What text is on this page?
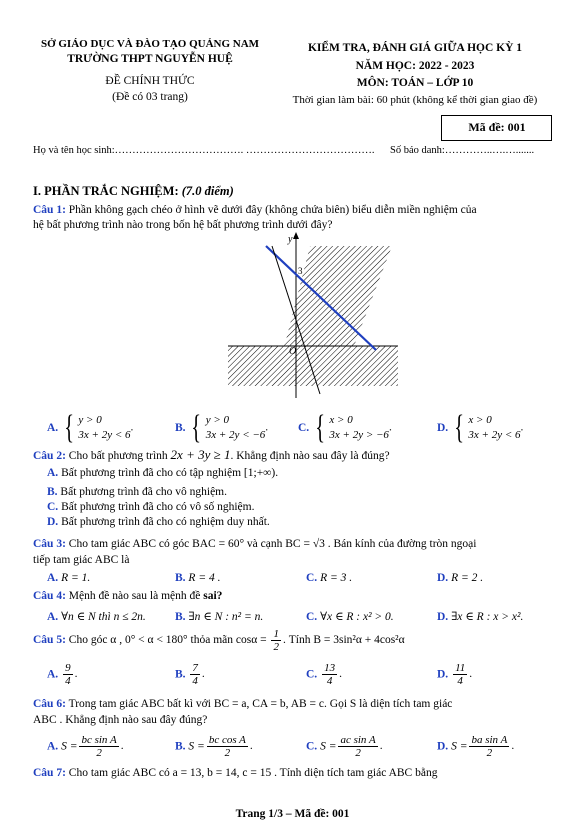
SỞ GIÁO DỤC VÀ ĐÀO TẠO QUẢNG NAM
TRƯỜNG THPT NGUYỄN HUỆ
ĐỀ CHÍNH THỨC
(Đề có 03 trang)
KIỂM TRA, ĐÁNH GIÁ GIỮA HỌC KỲ 1
NĂM HỌC: 2022 - 2023
MÔN: TOÁN – LỚP 10
Thời gian làm bài: 60 phút (không kể thời gian giao đề)
Mã đề: 001
Họ và tên học sinh:………………………………. ………………………………. Số báo danh:…………..….….......
I. PHẦN TRẮC NGHIỆM: (7.0 điểm)
Câu 1: Phần không gạch chéo ở hình vẽ dưới đây (không chứa biên) biểu diễn miền nghiệm của
hệ bất phương trình nào trong bốn hệ bất phương trình dưới đây?
y
O
3
A. { y > 0
3x + 2y < 6
.	B. { y > 0
3x + 2y < −6
.	C. { x > 0
3x + 2y > −6
.	D. { x > 0
3x + 2y < 6
.
Câu 2: Cho bất phương trình 2x + 3y ≥ 1. Khẳng định nào sau đây là đúng?
A. Bất phương trình đã cho có tập nghiệm [1;+∞).
B. Bất phương trình đã cho vô nghiệm.
C. Bất phương trình đã cho có vô số nghiệm.
D. Bất phương trình đã cho có nghiệm duy nhất.
Câu 3: Cho tam giác ABC có góc BAC = 60° và cạnh BC = √3 . Bán kính của đường tròn ngoại
tiếp tam giác ABC là
A. R = 1.	B. R = 4 .	C. R = 3 .	D. R = 2 .
Câu 4: Mệnh đề nào sau là mệnh đề sai?
A. ∀n ∈ N thì n ≤ 2n.	B. ∃n ∈ N : n² = n.	C. ∀x ∈ R : x² > 0.	D. ∃x ∈ R : x > x².
Câu 5: Cho góc α , 0° < α < 180° thỏa mãn $\cos\alpha = \frac{1}{2}$ . Tính B = 3sin²α + 4cos²α
A. $\frac{9}{4}$ .	B. $\frac{7}{4}$ .	C. $\frac{13}{4}$ .	D. $\frac{11}{4}$ .
Câu 6: Trong tam giác ABC bất kì với BC = a, CA = b, AB = c. Gọi S là diện tích tam giác
ABC . Khẳng định nào sau đây đúng?
A. $S = \frac{\text{bc sin A}}{2}$ .	B. $S = \frac{\text{bc cos A}}{2}$ .	C. $S = \frac{\text{ac sin A}}{2}$ .	D. $S = \frac{\text{ba sin A}}{2}$ .
Câu 7: Cho tam giác ABC có a = 13, b = 14, c = 15 . Tính diện tích tam giác ABC bằng
Trang 1/3 – Mã đề: 001
